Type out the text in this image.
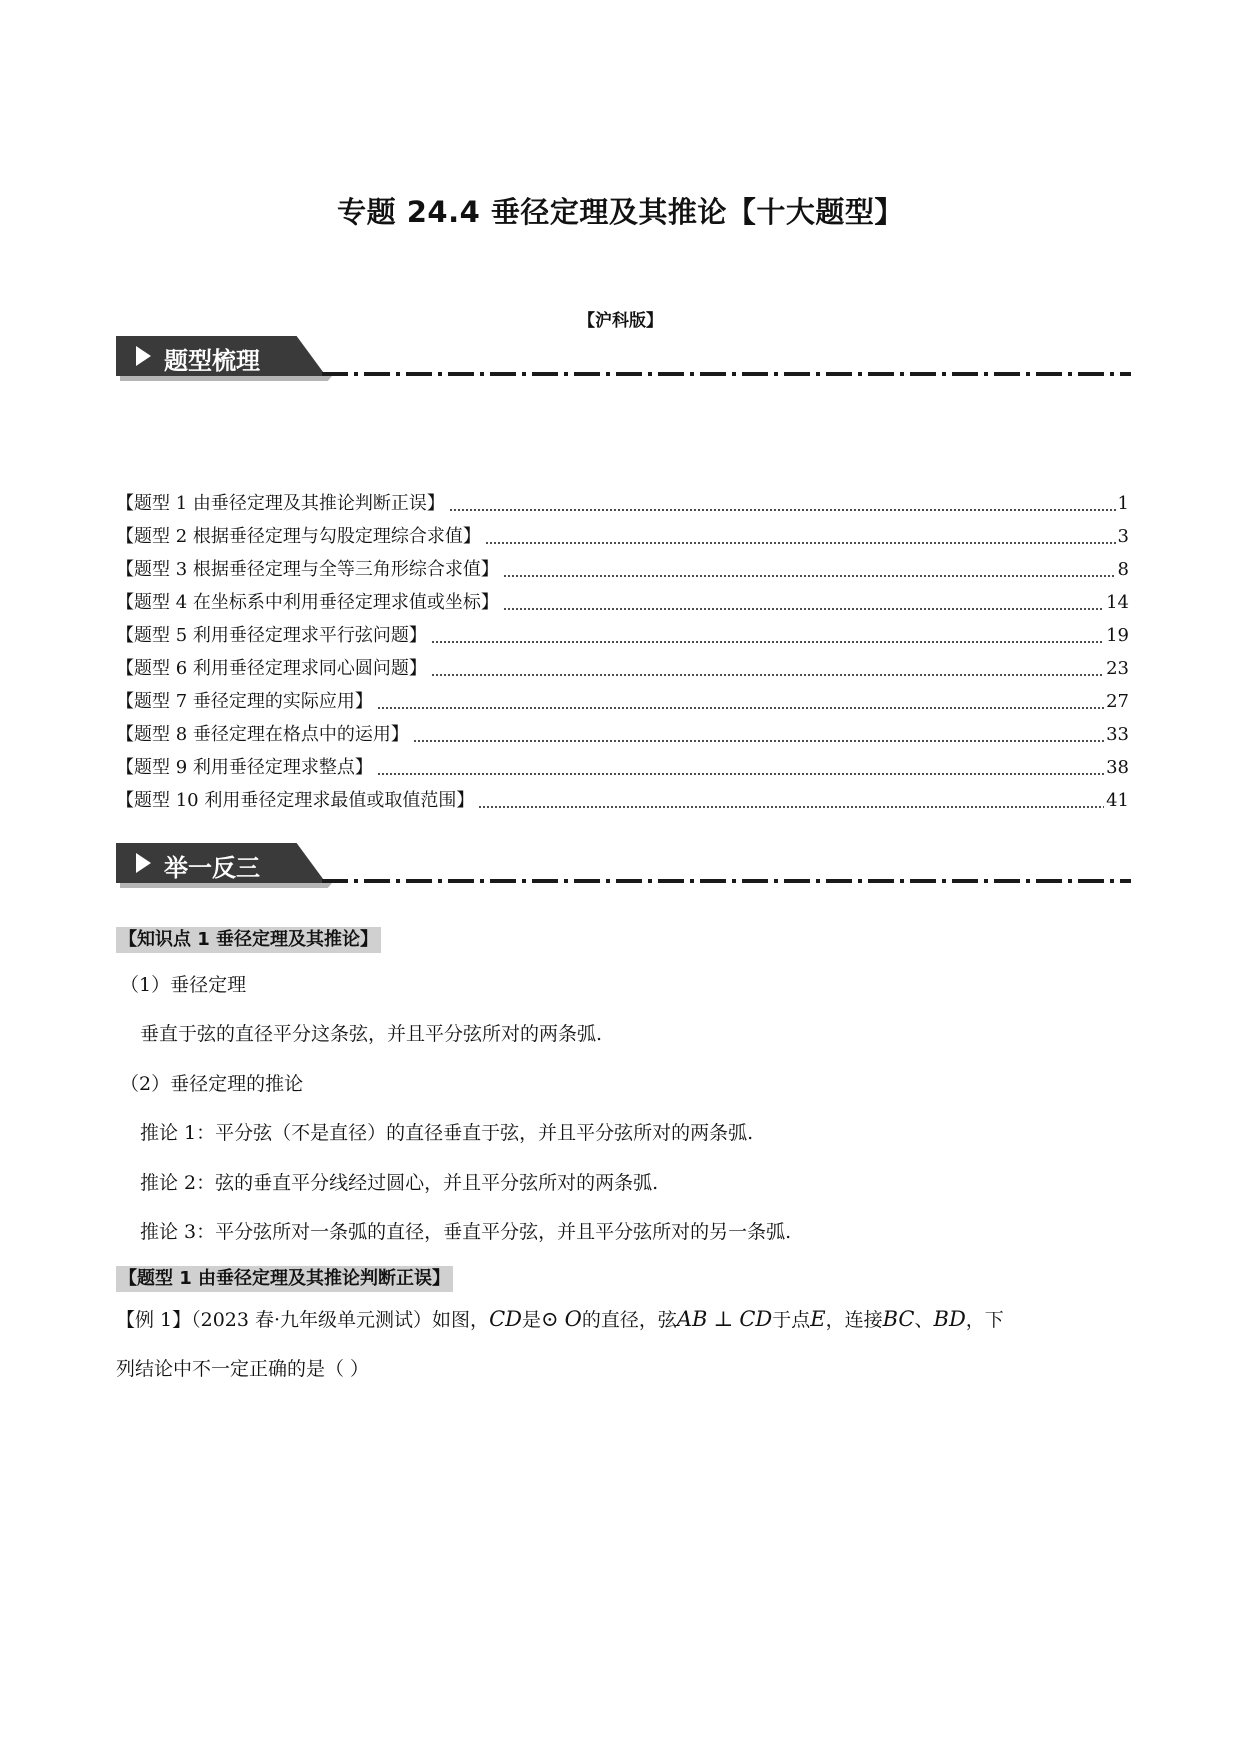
专题 24.4 垂径定理及其推论【十大题型】
【沪科版】
题型梳理
【题型 1 由垂径定理及其推论判断正误】	1
【题型 2 根据垂径定理与勾股定理综合求值】	3
【题型 3 根据垂径定理与全等三角形综合求值】	8
【题型 4 在坐标系中利用垂径定理求值或坐标】	14
【题型 5 利用垂径定理求平行弦问题】	19
【题型 6 利用垂径定理求同心圆问题】	23
【题型 7 垂径定理的实际应用】	27
【题型 8 垂径定理在格点中的运用】	33
【题型 9 利用垂径定理求整点】	38
【题型 10 利用垂径定理求最值或取值范围】	41
举一反三
【知识点 1 垂径定理及其推论】
（1）垂径定理
垂直于弦的直径平分这条弦，并且平分弦所对的两条弧.
（2）垂径定理的推论
推论 1：平分弦（不是直径）的直径垂直于弦，并且平分弦所对的两条弧.
推论 2：弦的垂直平分线经过圆心，并且平分弦所对的两条弧.
推论 3：平分弦所对一条弧的直径，垂直平分弦，并且平分弦所对的另一条弧.
【题型 1 由垂径定理及其推论判断正误】
【例 1】（2023 春·九年级单元测试）如图，CD是⊙ O的直径，弦AB ⊥ CD于点E，连接BC、BD，下
列结论中不一定正确的是（ ）
